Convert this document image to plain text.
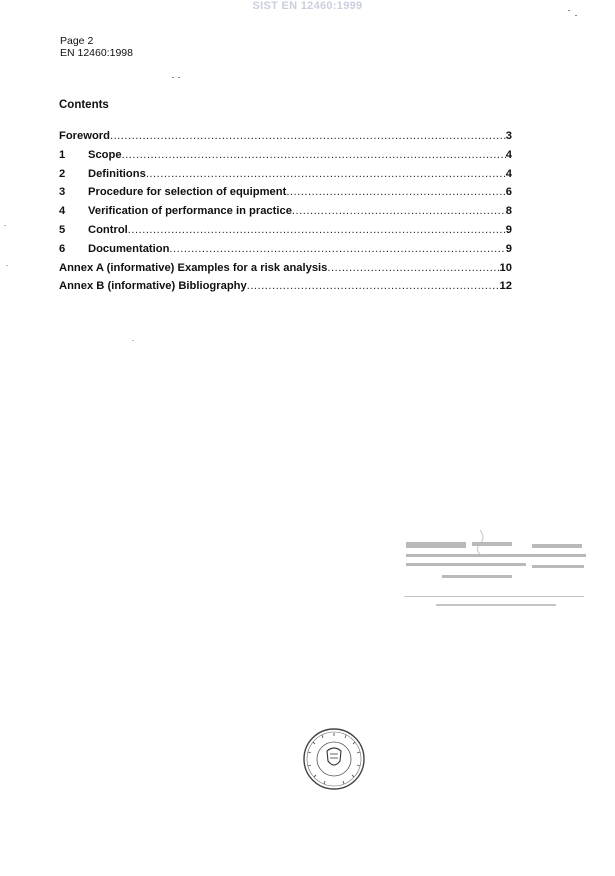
SIST EN 12460:1999
Page 2
EN 12460:1998
Contents
Foreword .....	3
1	Scope .....	4
2	Definitions .....	4
3	Procedure for selection of equipment .....	6
4	Verification of performance in practice .....	8
5	Control .....	9
6	Documentation .....	9
Annex A (informative) Examples for a risk analysis .....	10
Annex B (informative) Bibliography .....	12
